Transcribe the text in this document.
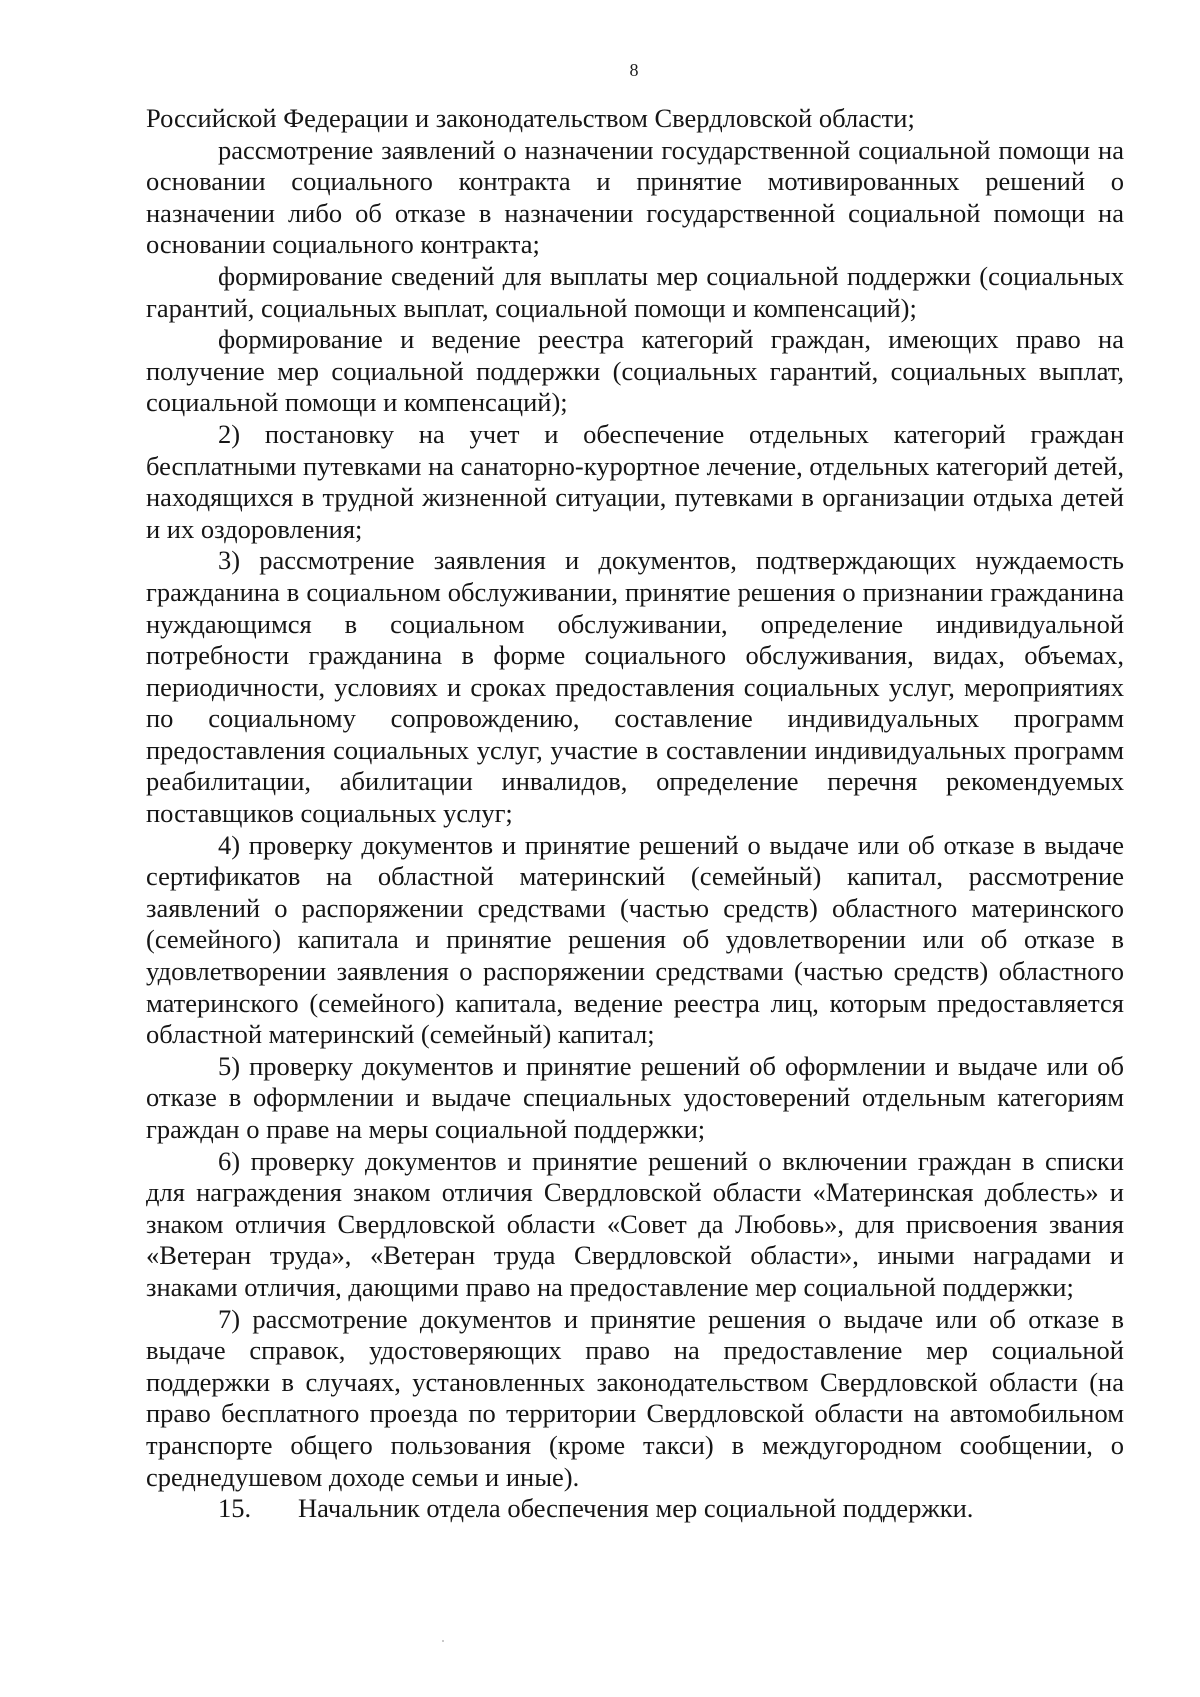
8

Российской Федерации и законодательством Свердловской области;

рассмотрение заявлений о назначении государственной социальной помощи на основании социального контракта и принятие мотивированных решений о назначении либо об отказе в назначении государственной социальной помощи на основании социального контракта;

формирование сведений для выплаты мер социальной поддержки (социальных гарантий, социальных выплат, социальной помощи и компенсаций);

формирование и ведение реестра категорий граждан, имеющих право на получение мер социальной поддержки (социальных гарантий, социальных выплат, социальной помощи и компенсаций);

2) постановку на учет и обеспечение отдельных категорий граждан бесплатными путевками на санаторно-курортное лечение, отдельных категорий детей, находящихся в трудной жизненной ситуации, путевками в организации отдыха детей и их оздоровления;

3) рассмотрение заявления и документов, подтверждающих нуждаемость гражданина в социальном обслуживании, принятие решения о признании гражданина нуждающимся в социальном обслуживании, определение индивидуальной потребности гражданина в форме социального обслуживания, видах, объемах, периодичности, условиях и сроках предоставления социальных услуг, мероприятиях по социальному сопровождению, составление индивидуальных программ предоставления социальных услуг, участие в составлении индивидуальных программ реабилитации, абилитации инвалидов, определение перечня рекомендуемых поставщиков социальных услуг;

4) проверку документов и принятие решений о выдаче или об отказе в выдаче сертификатов на областной материнский (семейный) капитал, рассмотрение заявлений о распоряжении средствами (частью средств) областного материнского (семейного) капитала и принятие решения об удовлетворении или об отказе в удовлетворении заявления о распоряжении средствами (частью средств) областного материнского (семейного) капитала, ведение реестра лиц, которым предоставляется областной материнский (семейный) капитал;

5) проверку документов и принятие решений об оформлении и выдаче или об отказе в оформлении и выдаче специальных удостоверений отдельным категориям граждан о праве на меры социальной поддержки;

6) проверку документов и принятие решений о включении граждан в списки для награждения знаком отличия Свердловской области «Материнская доблесть» и знаком отличия Свердловской области «Совет да Любовь», для присвоения звания «Ветеран труда», «Ветеран труда Свердловской области», иными наградами и знаками отличия, дающими право на предоставление мер социальной поддержки;

7) рассмотрение документов и принятие решения о выдаче или об отказе в выдаче справок, удостоверяющих право на предоставление мер социальной поддержки в случаях, установленных законодательством Свердловской области (на право бесплатного проезда по территории Свердловской области на автомобильном транспорте общего пользования (кроме такси) в междугородном сообщении, о среднедушевом доходе семьи и иные).

15. Начальник отдела обеспечения мер социальной поддержки.
